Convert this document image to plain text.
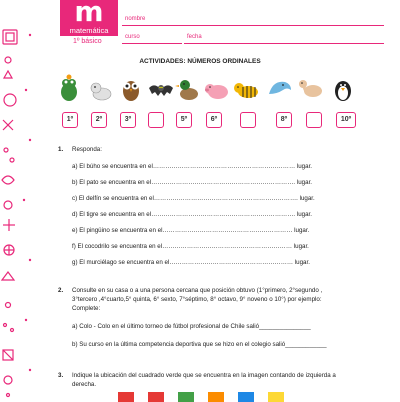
m
matemática
1º básico
nombre
curso	fecha
ACTIVIDADES: NÚMEROS ORDINALES
1º	2º	3º	5º	6º	8º	10º
1. Responda:
a) El búho se encuentra en el…………………………………………………………… lugar.
b) El pato se encuentra en el……………………………………………………………. lugar.
c) El delfín se encuentra en el……………………………………………………………. lugar.
d) El tigre se encuentra en el……………………………………………………………. lugar.
e) El pingüino se encuentra en el……………………………………………………… lugar.
f) El cocodrilo se encuentra en el……………………………………………………… lugar.
g) El murciélago se encuentra en el…………………………………………………… lugar.
2. Consulte en su casa o a una persona cercana que posición obtuvo (1°primero, 2°segundo ,
3°tercero ,4°cuarto,5° quinta, 6° sexto, 7°séptimo, 8° octavo, 9° noveno o 10°) por ejemplo:
Complete:
a) Colo - Colo en el último torneo de fútbol profesional de Chile salió_______________
b) Su curso en la última competencia deportiva que se hizo en el colegio salió____________
3. Indique la ubicación del cuadrado verde que se encuentra en la imagen contando de izquierda a
derecha.
